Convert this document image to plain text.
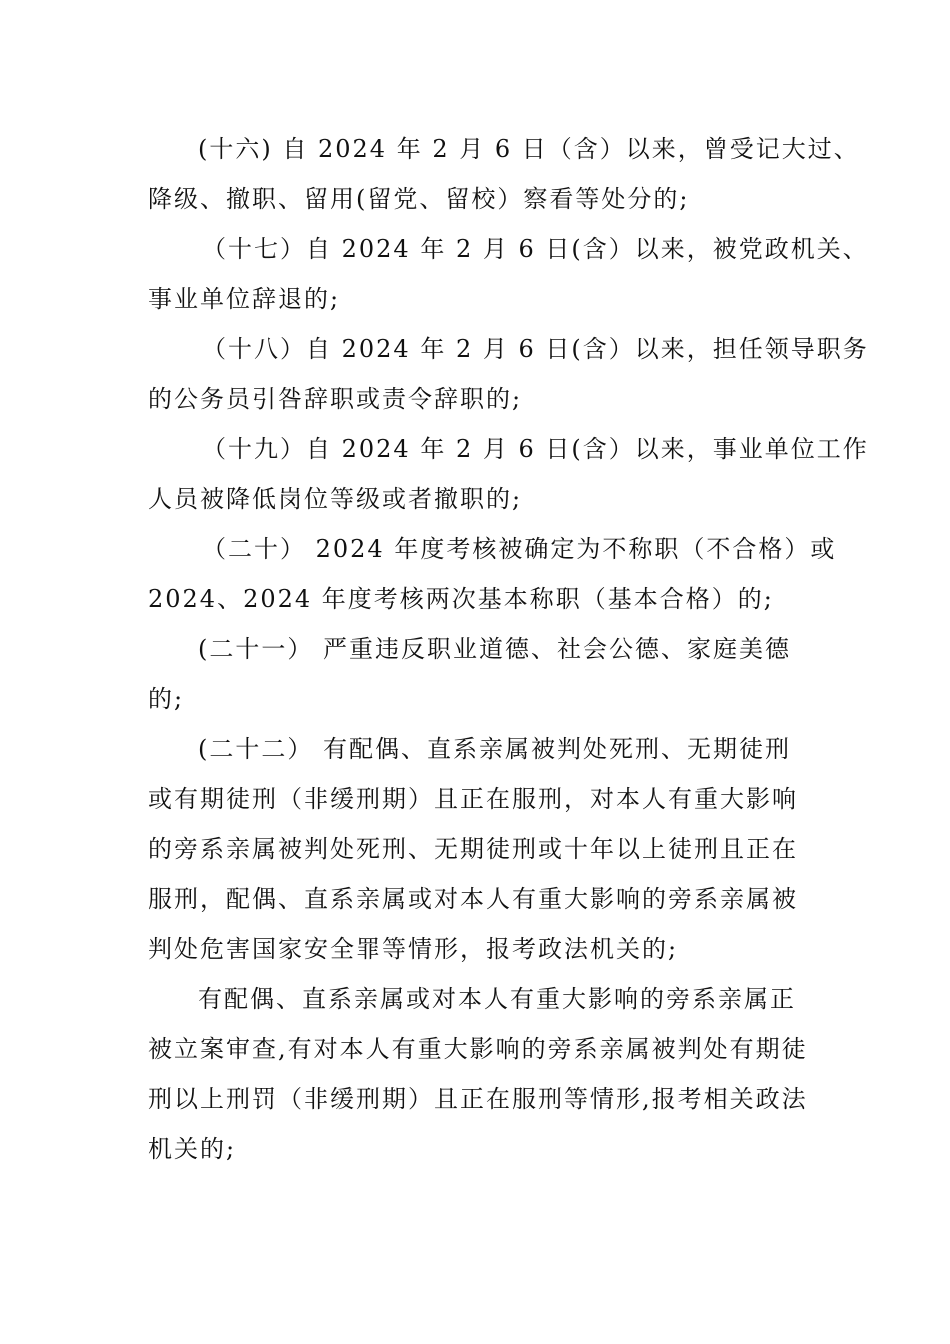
(十六) 自 2024 年 2 月 6 日（含）以来，曾受记大过、
降级、撤职、留用(留党、留校）察看等处分的;
（十七）自 2024 年 2 月 6 日(含）以来，被党政机关、
事业单位辞退的;
（十八）自 2024 年 2 月 6 日(含）以来，担任领导职务
的公务员引咎辞职或责令辞职的;
（十九）自 2024 年 2 月 6 日(含）以来，事业单位工作
人员被降低岗位等级或者撤职的;
（二十） 2024 年度考核被确定为不称职（不合格）或
2024、2024 年度考核两次基本称职（基本合格）的;
(二十一） 严重违反职业道德、社会公德、家庭美德
的;
(二十二） 有配偶、直系亲属被判处死刑、无期徒刑
或有期徒刑（非缓刑期）且正在服刑，对本人有重大影响
的旁系亲属被判处死刑、无期徒刑或十年以上徒刑且正在
服刑，配偶、直系亲属或对本人有重大影响的旁系亲属被
判处危害国家安全罪等情形，报考政法机关的;
有配偶、直系亲属或对本人有重大影响的旁系亲属正
被立案审查,有对本人有重大影响的旁系亲属被判处有期徒
刑以上刑罚（非缓刑期）且正在服刑等情形,报考相关政法
机关的;
